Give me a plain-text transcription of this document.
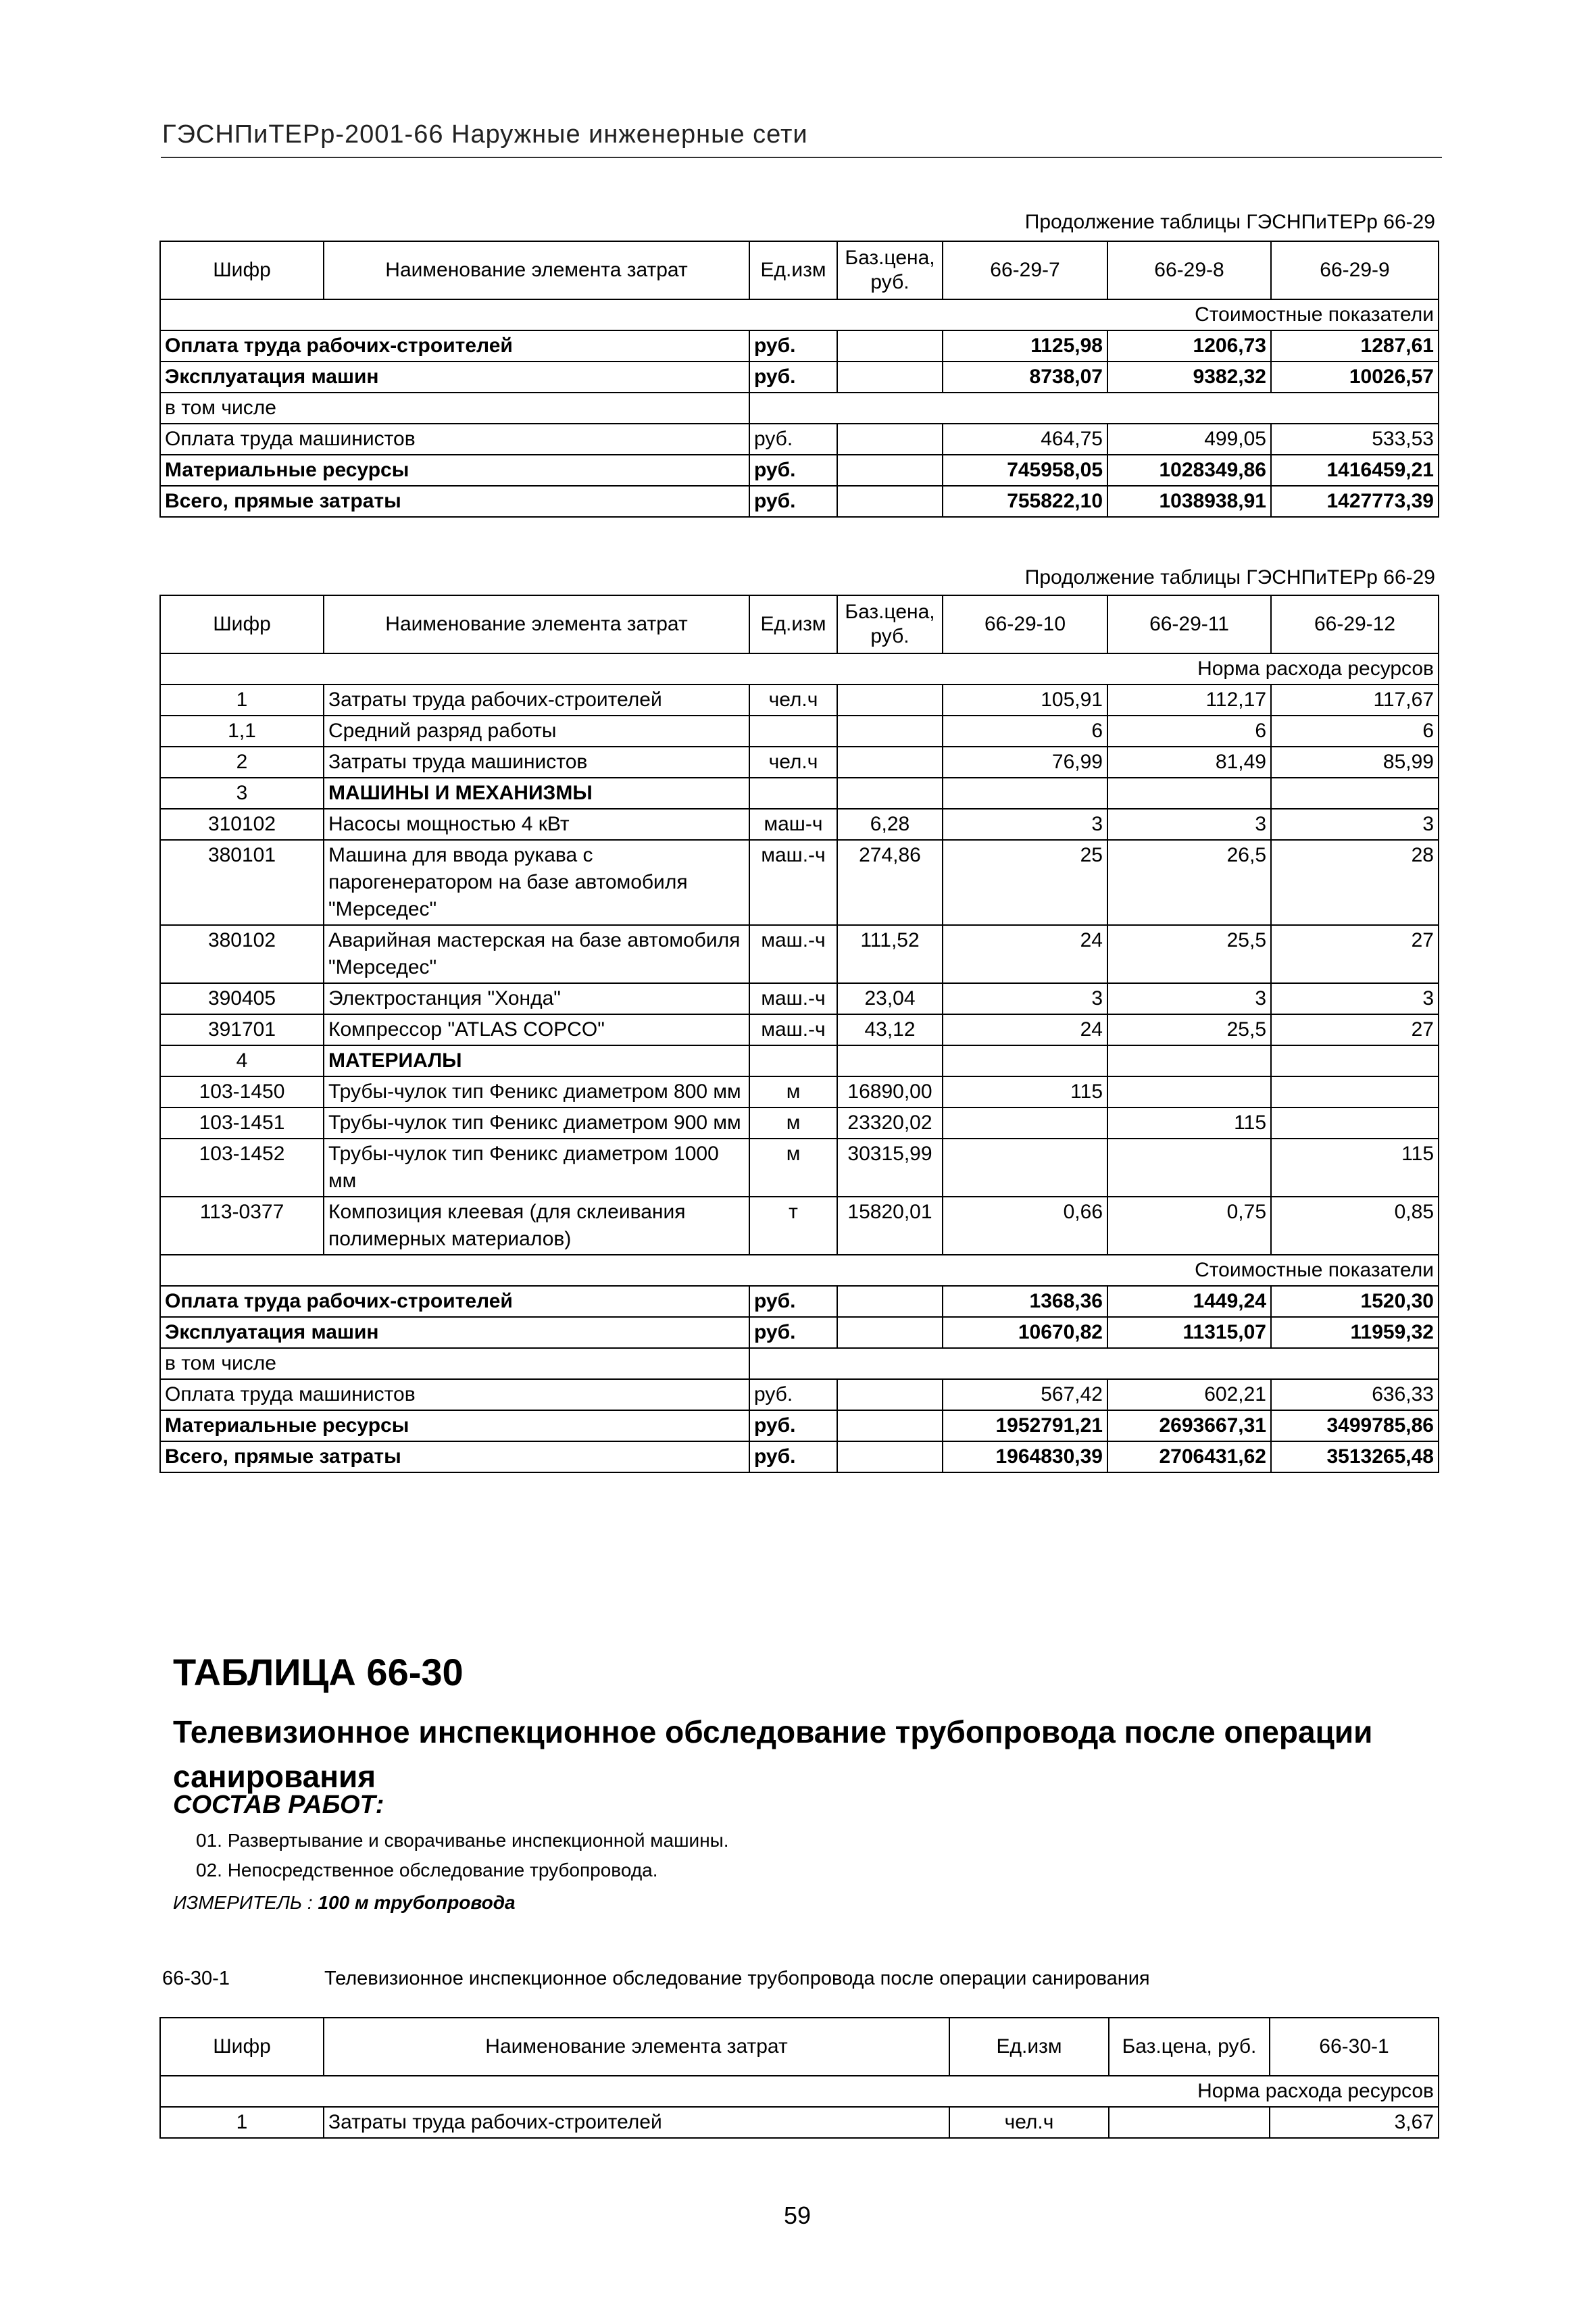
ГЭСНПиТЕРр-2001-66 Наружные инженерные сети
Продолжение таблицы ГЭСНПиТЕРр 66-29
Шифр	Наименование элемента затрат	Ед.изм	Баз.цена, руб.	66-29-7	66-29-8	66-29-9
Стоимостные показатели						
Оплата труда рабочих-строителей		руб.		1125,98	1206,73	1287,61
Эксплуатация машин		руб.		8738,07	9382,32	10026,57
в том числе						
Оплата труда машинистов		руб.		464,75	499,05	533,53
Материальные ресурсы		руб.		745958,05	1028349,86	1416459,21
Всего, прямые затраты		руб.		755822,10	1038938,91	1427773,39
Продолжение таблицы ГЭСНПиТЕРр 66-29
Шифр	Наименование элемента затрат	Ед.изм	Баз.цена, руб.	66-29-10	66-29-11	66-29-12
Норма расхода ресурсов						
1	Затраты труда рабочих-строителей	чел.ч		105,91	112,17	117,67
1,1	Средний разряд работы			6	6	6
2	Затраты труда машинистов	чел.ч		76,99	81,49	85,99
3	МАШИНЫ И МЕХАНИЗМЫ					
310102	Насосы мощностью 4 кВт	маш-ч	6,28	3	3	3
380101	Машина для ввода рукава с парогенератором на базе автомобиля "Мерседес"	маш.-ч	274,86	25	26,5	28
380102	Аварийная мастерская на базе автомобиля "Мерседес"	маш.-ч	111,52	24	25,5	27
390405	Электростанция "Хонда"	маш.-ч	23,04	3	3	3
391701	Компрессор "ATLAS COPCO"	маш.-ч	43,12	24	25,5	27
4	МАТЕРИАЛЫ					
103-1450	Трубы-чулок тип Феникс диаметром 800 мм	м	16890,00	115		
103-1451	Трубы-чулок тип Феникс диаметром 900 мм	м	23320,02		115	
103-1452	Трубы-чулок тип Феникс диаметром 1000 мм	м	30315,99			115
113-0377	Композиция клеевая (для склеивания полимерных материалов)	т	15820,01	0,66	0,75	0,85
Стоимостные показатели						
Оплата труда рабочих-строителей		руб.		1368,36	1449,24	1520,30
Эксплуатация машин		руб.		10670,82	11315,07	11959,32
в том числе						
Оплата труда машинистов		руб.		567,42	602,21	636,33
Материальные ресурсы		руб.		1952791,21	2693667,31	3499785,86
Всего, прямые затраты		руб.		1964830,39	2706431,62	3513265,48
ТАБЛИЦА 66-30
Телевизионное инспекционное обследование трубопровода после операции санирования
СОСТАВ РАБОТ:
01. Развертывание и сворачиванье инспекционной машины.
02. Непосредственное обследование трубопровода.
ИЗМЕРИТЕЛЬ : 100 м трубопровода
66-30-1	Телевизионное инспекционное обследование трубопровода после операции санирования
Шифр	Наименование элемента затрат	Ед.изм	Баз.цена, руб.	66-30-1
Норма расхода ресурсов				
1	Затраты труда рабочих-строителей	чел.ч		3,67
59
